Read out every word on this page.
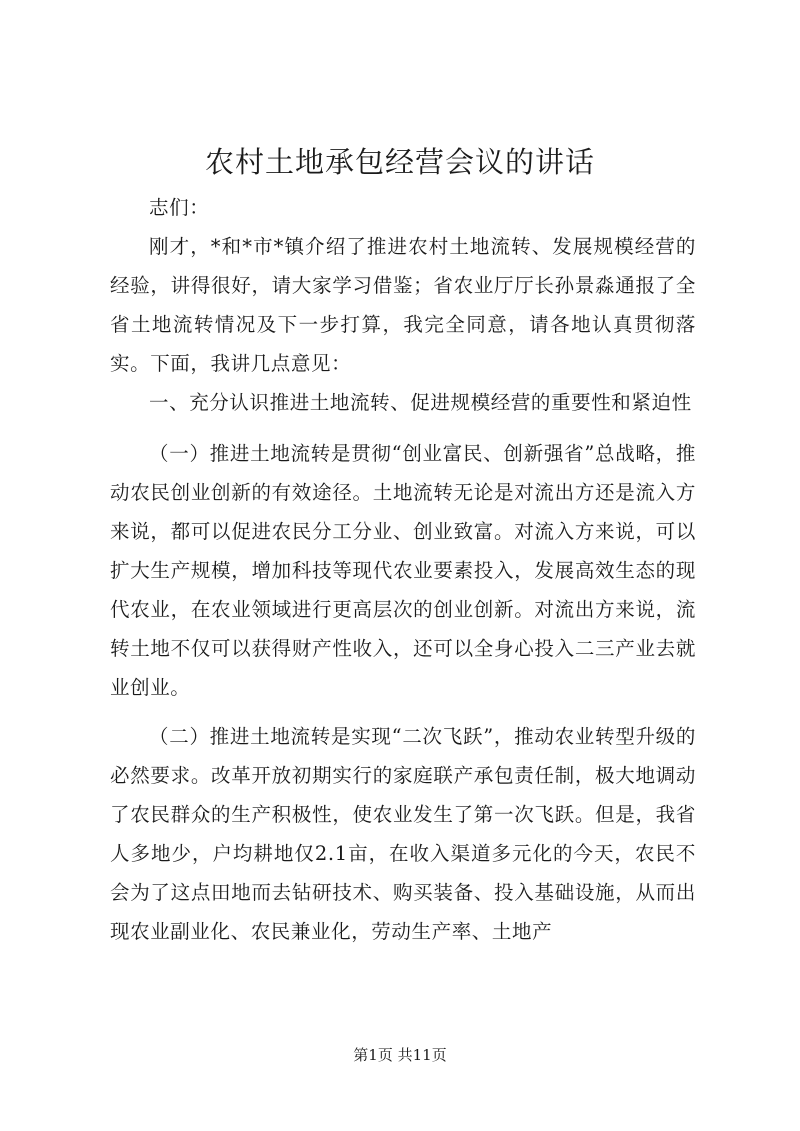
农村土地承包经营会议的讲话

志们：

刚才，*和*市*镇介绍了推进农村土地流转、发展规模经营的经验，讲得很好，请大家学习借鉴；省农业厅厅长孙景淼通报了全省土地流转情况及下一步打算，我完全同意，请各地认真贯彻落实。下面，我讲几点意见：

一、充分认识推进土地流转、促进规模经营的重要性和紧迫性

（一）推进土地流转是贯彻“创业富民、创新强省”总战略，推动农民创业创新的有效途径。土地流转无论是对流出方还是流入方来说，都可以促进农民分工分业、创业致富。对流入方来说，可以扩大生产规模，增加科技等现代农业要素投入，发展高效生态的现代农业，在农业领域进行更高层次的创业创新。对流出方来说，流转土地不仅可以获得财产性收入，还可以全身心投入二三产业去就业创业。

（二）推进土地流转是实现“二次飞跃”，推动农业转型升级的必然要求。改革开放初期实行的家庭联产承包责任制，极大地调动了农民群众的生产积极性，使农业发生了第一次飞跃。但是，我省人多地少，户均耕地仅2.1亩，在收入渠道多元化的今天，农民不会为了这点田地而去钻研技术、购买装备、投入基础设施，从而出现农业副业化、农民兼业化，劳动生产率、土地产

第1页 共11页
